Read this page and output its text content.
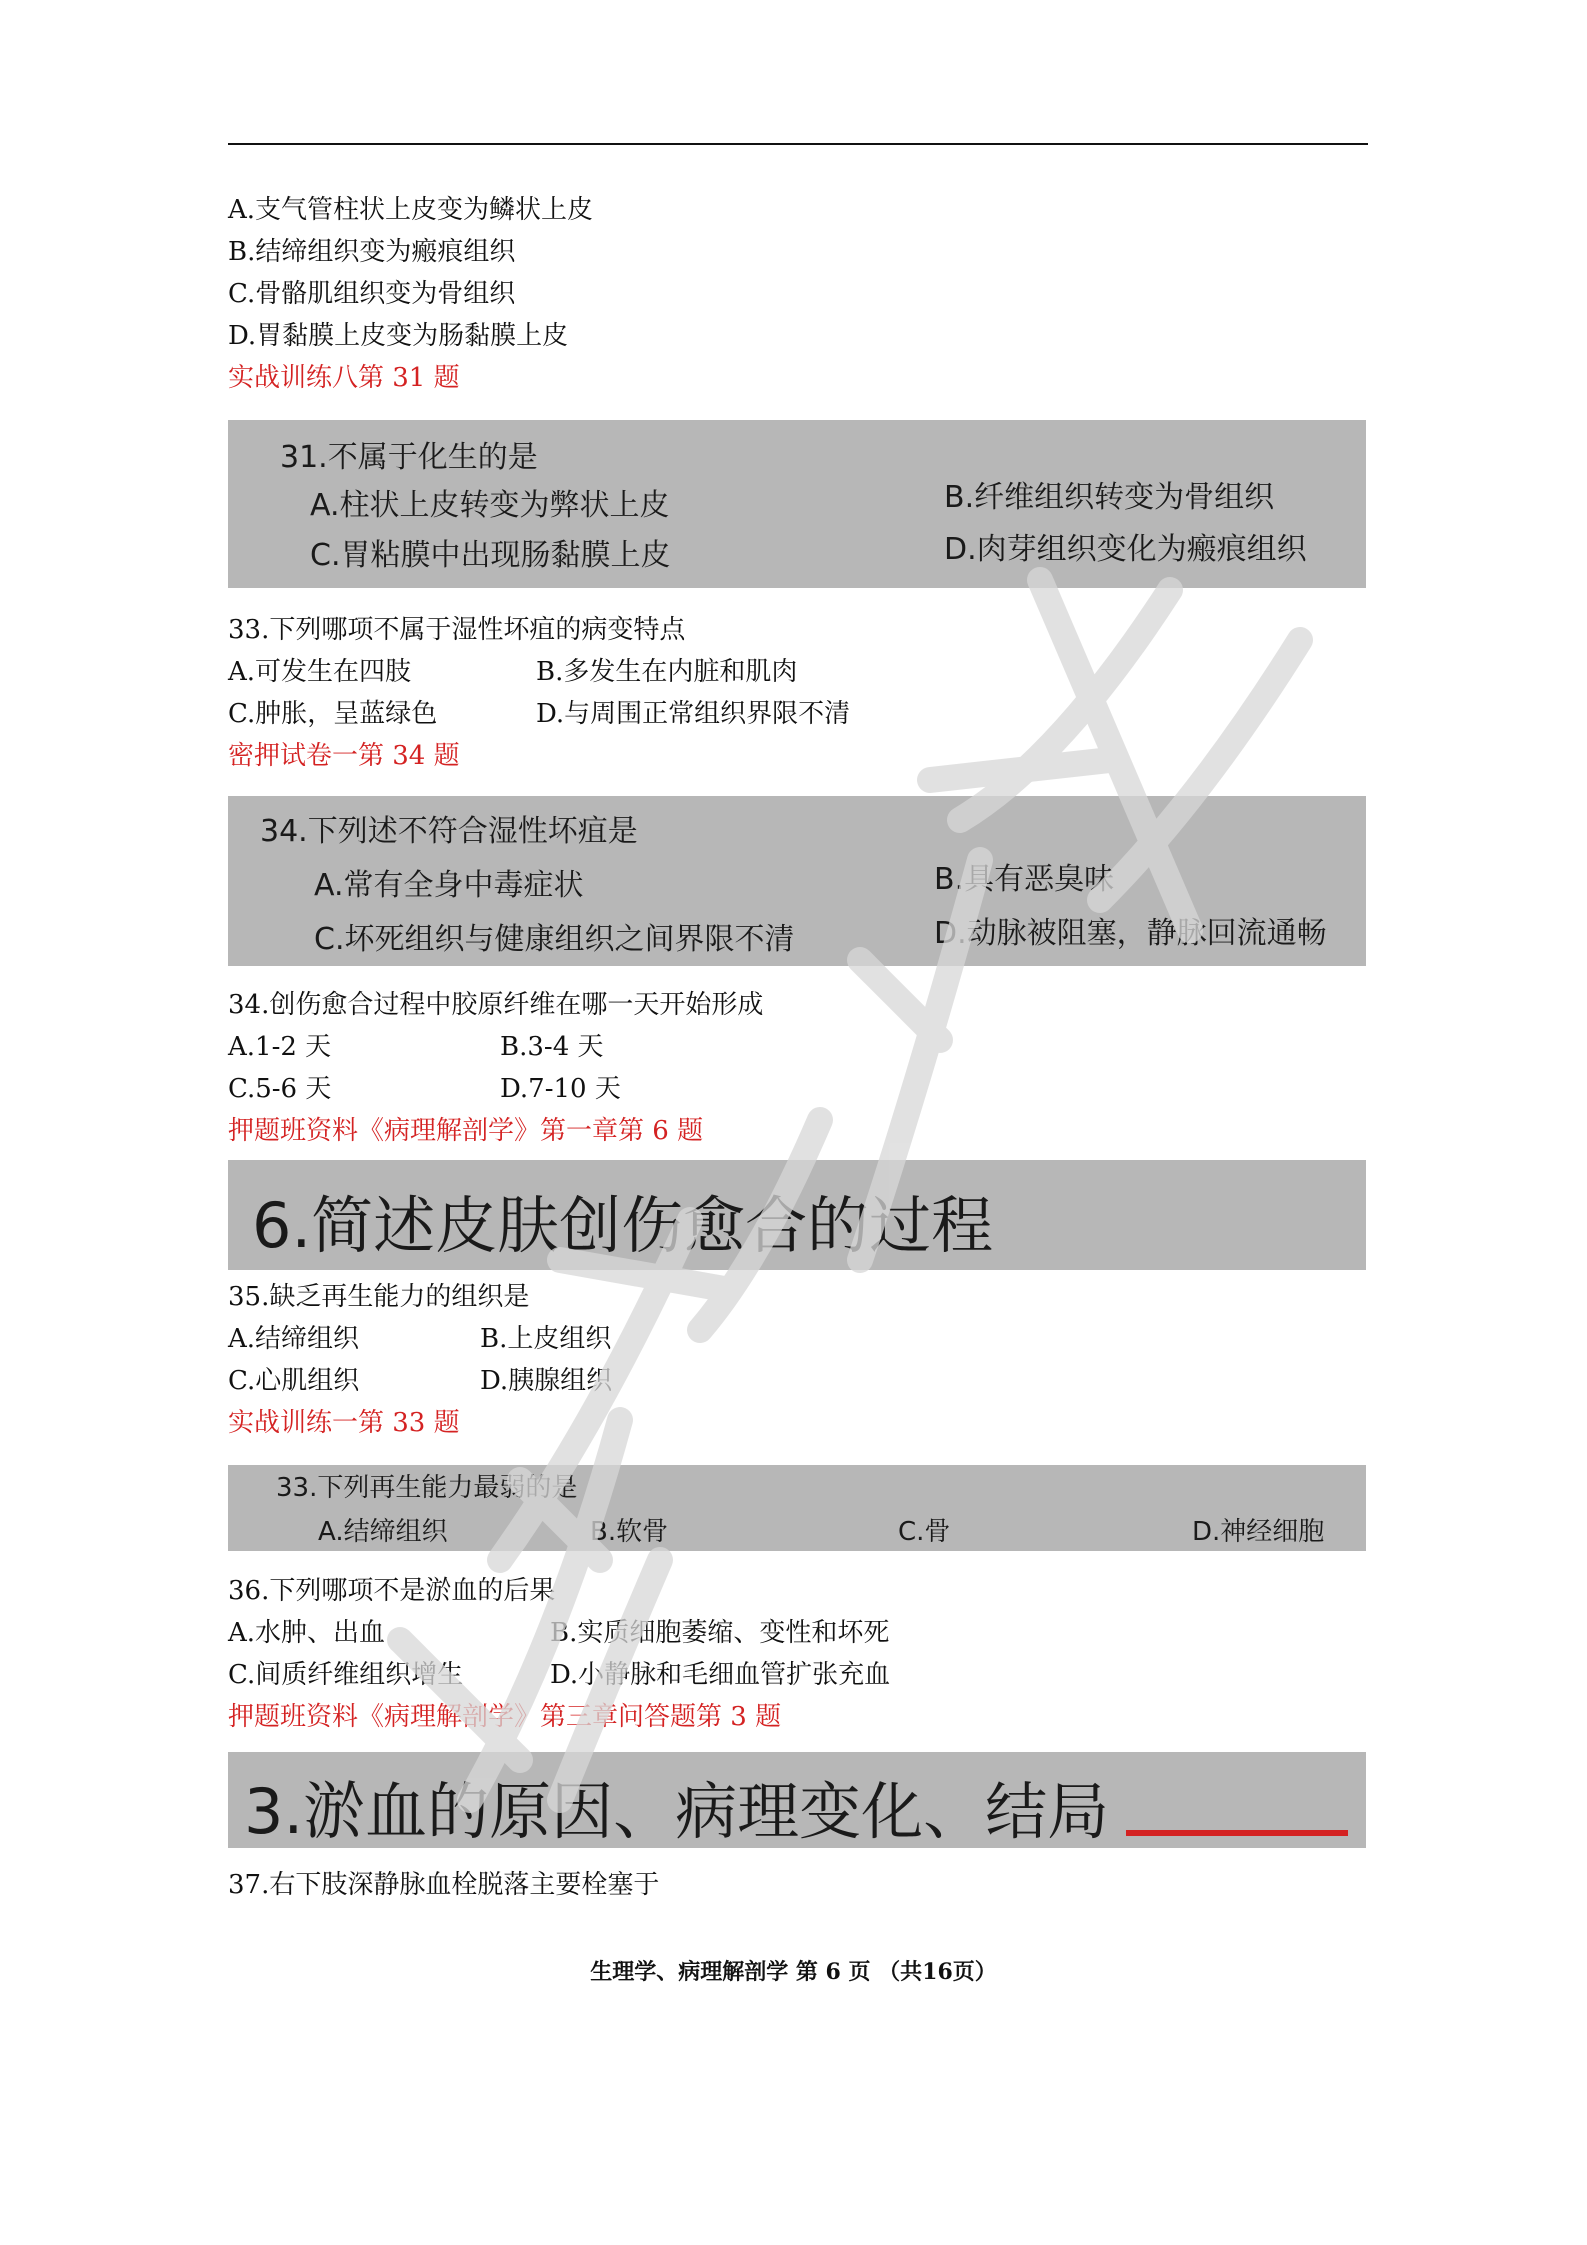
A.支气管柱状上皮变为鳞状上皮
B.结缔组织变为瘢痕组织
C.骨骼肌组织变为骨组织
D.胃黏膜上皮变为肠黏膜上皮
实战训练八第 31 题
31.不属于化生的是
A.柱状上皮转变为弊状上皮	B.纤维组织转变为骨组织
C.胃粘膜中出现肠黏膜上皮	D.肉芽组织变化为瘢痕组织
33.下列哪项不属于湿性坏疽的病变特点
A.可发生在四肢	B.多发生在内脏和肌肉
C.肿胀，呈蓝绿色	D.与周围正常组织界限不清
密押试卷一第 34 题
34.下列述不符合湿性坏疽是
A.常有全身中毒症状	B.具有恶臭味
C.坏死组织与健康组织之间界限不清	D.动脉被阻塞，静脉回流通畅
34.创伤愈合过程中胶原纤维在哪一天开始形成
A.1-2 天	B.3-4 天
C.5-6 天	D.7-10 天
押题班资料《病理解剖学》第一章第 6 题
6.简述皮肤创伤愈合的过程
35.缺乏再生能力的组织是
A.结缔组织	B.上皮组织
C.心肌组织	D.胰腺组织
实战训练一第 33 题
33.下列再生能力最弱的是
A.结缔组织	B.软骨	C.骨	D.神经细胞
36.下列哪项不是淤血的后果
A.水肿、出血	B.实质细胞萎缩、变性和坏死
C.间质纤维组织增生	D.小静脉和毛细血管扩张充血
押题班资料《病理解剖学》第三章问答题第 3 题
3.淤血的原因、病理变化、结局
37.右下肢深静脉血栓脱落主要栓塞于
生理学、病理解剖学 第 6 页 （共16页）
